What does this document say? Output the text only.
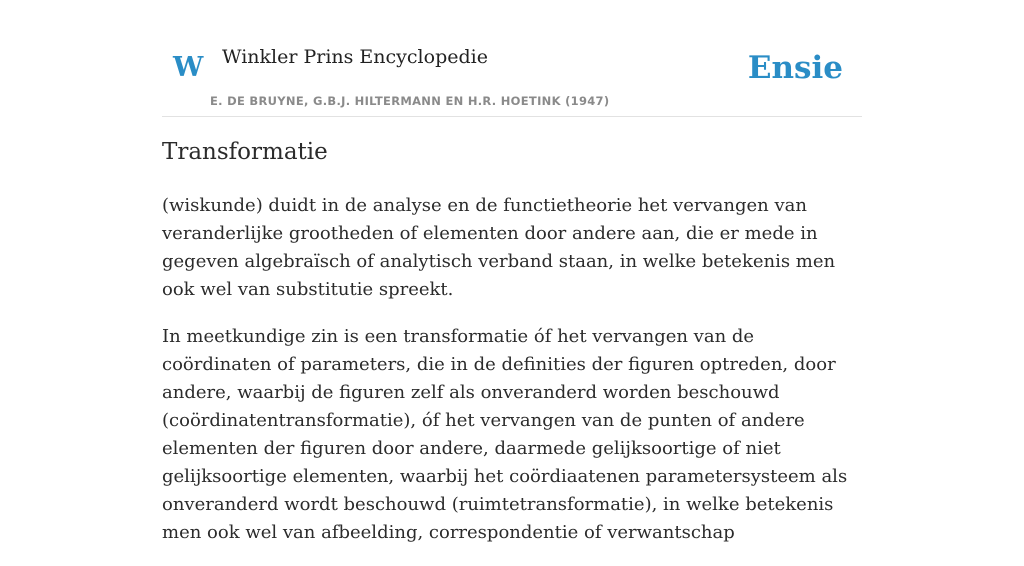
W Winkler Prins Encyclopedie
E. DE BRUYNE, G.B.J. HILTERMANN EN H.R. HOETINK (1947)
Ensie
Transformatie

(wiskunde) duidt in de analyse en de functietheorie het vervangen van veranderlijke grootheden of elementen door andere aan, die er mede in gegeven algebraïsch of analytisch verband staan, in welke betekenis men ook wel van substitutie spreekt.

In meetkundige zin is een transformatie óf het vervangen van de coördinaten of parameters, die in de definities der figuren optreden, door andere, waarbij de figuren zelf als onveranderd worden beschouwd (coördinatentransformatie), óf het vervangen van de punten of andere elementen der figuren door andere, daarmede gelijksoortige of niet gelijksoortige elementen, waarbij het coördiaatenen parametersysteem als onveranderd wordt beschouwd (ruimtetransformatie), in welke betekenis men ook wel van afbeelding, correspondentie of verwantschap
